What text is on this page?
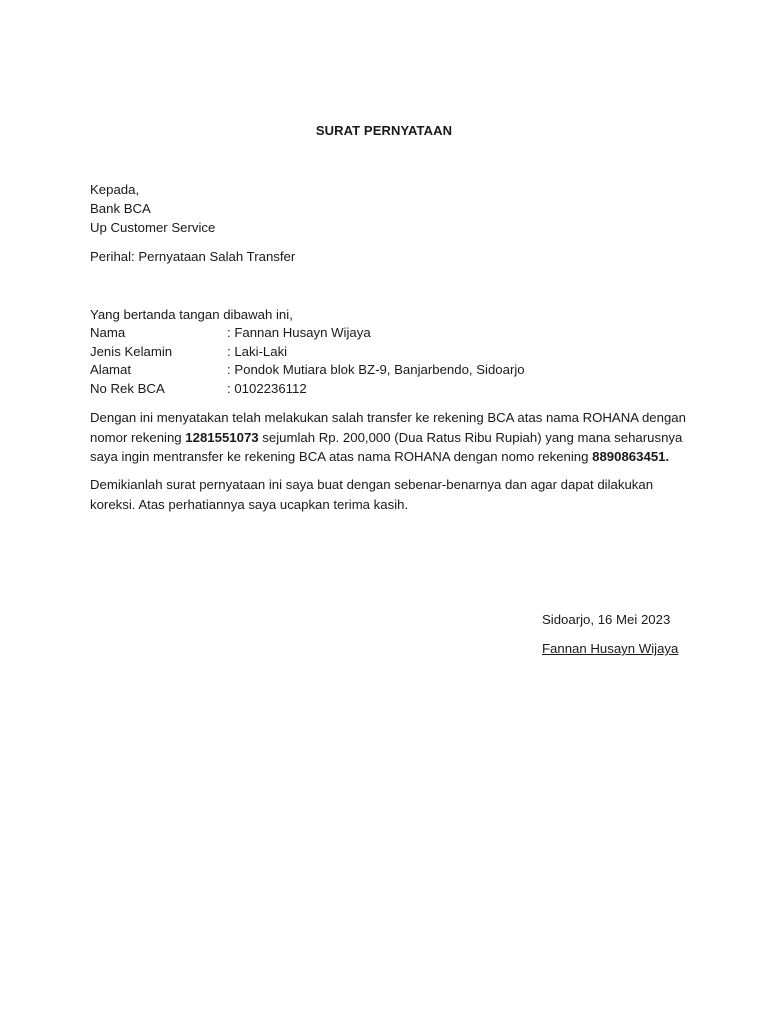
SURAT PERNYATAAN
Kepada,
Bank BCA
Up Customer Service
Perihal: Pernyataan Salah Transfer
Yang bertanda tangan dibawah ini,
Nama	: Fannan Husayn Wijaya
Jenis Kelamin	: Laki-Laki
Alamat	: Pondok Mutiara blok BZ-9, Banjarbendo, Sidoarjo
No Rek BCA	: 0102236112
Dengan ini menyatakan telah melakukan salah transfer ke rekening BCA atas nama ROHANA dengan nomor rekening 1281551073 sejumlah Rp. 200,000 (Dua Ratus Ribu Rupiah) yang mana seharusnya saya ingin mentransfer ke rekening BCA atas nama ROHANA dengan nomo rekening 8890863451.
Demikianlah surat pernyataan ini saya buat dengan sebenar-benarnya dan agar dapat dilakukan koreksi. Atas perhatiannya saya ucapkan terima kasih.
Sidoarjo, 16 Mei 2023
Fannan Husayn Wijaya
